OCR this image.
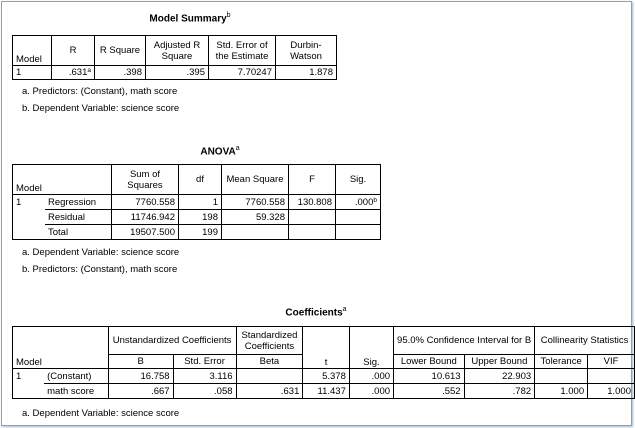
Model Summary$^b$
Model	R	R Square	Adjusted R Square	Std. Error of the Estimate	Durbin-Watson
1	.631$^a$	.398	.395	7.70247	1.878
a. Predictors: (Constant), math score
b. Dependent Variable: science score
ANOVA$^a$
Model		Sum of Squares	df	Mean Square	F	Sig.
1	Regression	7760.558	1	7760.558	130.808	.000$^b$
	Residual	11746.942	198	59.328		
	Total	19507.500	199			
a. Dependent Variable: science score
b. Predictors: (Constant), math score
Coefficients$^a$
Model		Unstandardized Coefficients		Standardized Coefficients	t	Sig.	95.0% Confidence Interval for B		Collinearity Statistics	
		B	Std. Error	Beta			Lower Bound	Upper Bound	Tolerance	VIF
1	(Constant)	16.758	3.116		5.378	.000	10.613	22.903		
	math score	.667	.058	.631	11.437	.000	.552	.782	1.000	1.000
a. Dependent Variable: science score
